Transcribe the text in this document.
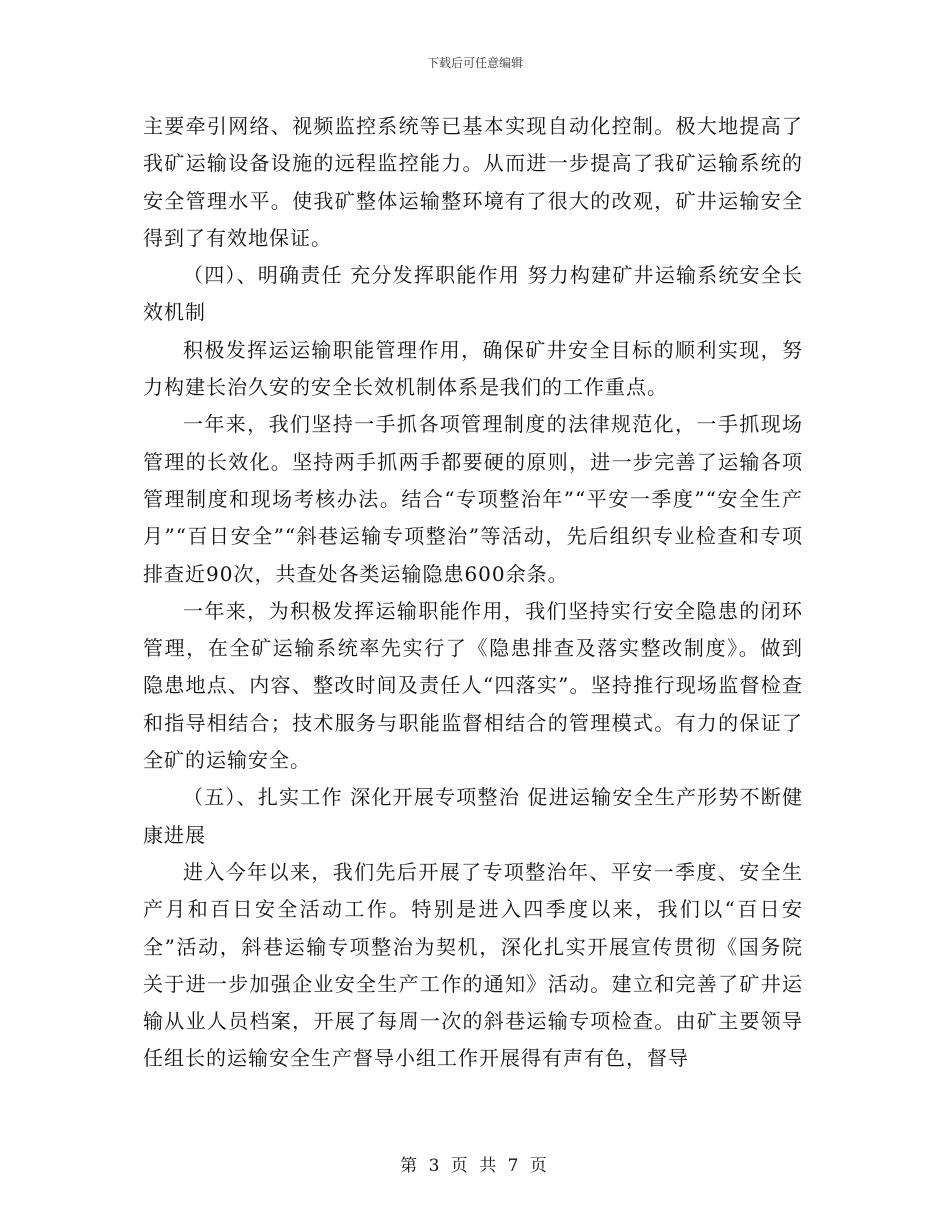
下载后可任意编辑

主要牵引网络、视频监控系统等已基本实现自动化控制。极大地提高了我矿运输设备设施的远程监控能力。从而进一步提高了我矿运输系统的安全管理水平。使我矿整体运输整环境有了很大的改观，矿井运输安全得到了有效地保证。

（四）、明确责任 充分发挥职能作用 努力构建矿井运输系统安全长效机制

积极发挥运运输职能管理作用，确保矿井安全目标的顺利实现，努力构建长治久安的安全长效机制体系是我们的工作重点。

一年来，我们坚持一手抓各项管理制度的法律规范化，一手抓现场管理的长效化。坚持两手抓两手都要硬的原则，进一步完善了运输各项管理制度和现场考核办法。结合“专项整治年”“平安一季度”“安全生产月”“百日安全”“斜巷运输专项整治”等活动，先后组织专业检查和专项排查近90次，共查处各类运输隐患600余条。

一年来，为积极发挥运输职能作用，我们坚持实行安全隐患的闭环管理，在全矿运输系统率先实行了《隐患排查及落实整改制度》。做到隐患地点、内容、整改时间及责任人“四落实”。坚持推行现场监督检查和指导相结合；技术服务与职能监督相结合的管理模式。有力的保证了全矿的运输安全。

（五）、扎实工作 深化开展专项整治 促进运输安全生产形势不断健康进展

进入今年以来，我们先后开展了专项整治年、平安一季度、安全生产月和百日安全活动工作。特别是进入四季度以来，我们以“百日安全”活动，斜巷运输专项整治为契机，深化扎实开展宣传贯彻《国务院关于进一步加强企业安全生产工作的通知》活动。建立和完善了矿井运输从业人员档案，开展了每周一次的斜巷运输专项检查。由矿主要领导任组长的运输安全生产督导小组工作开展得有声有色，督导

第 3 页 共 7 页
